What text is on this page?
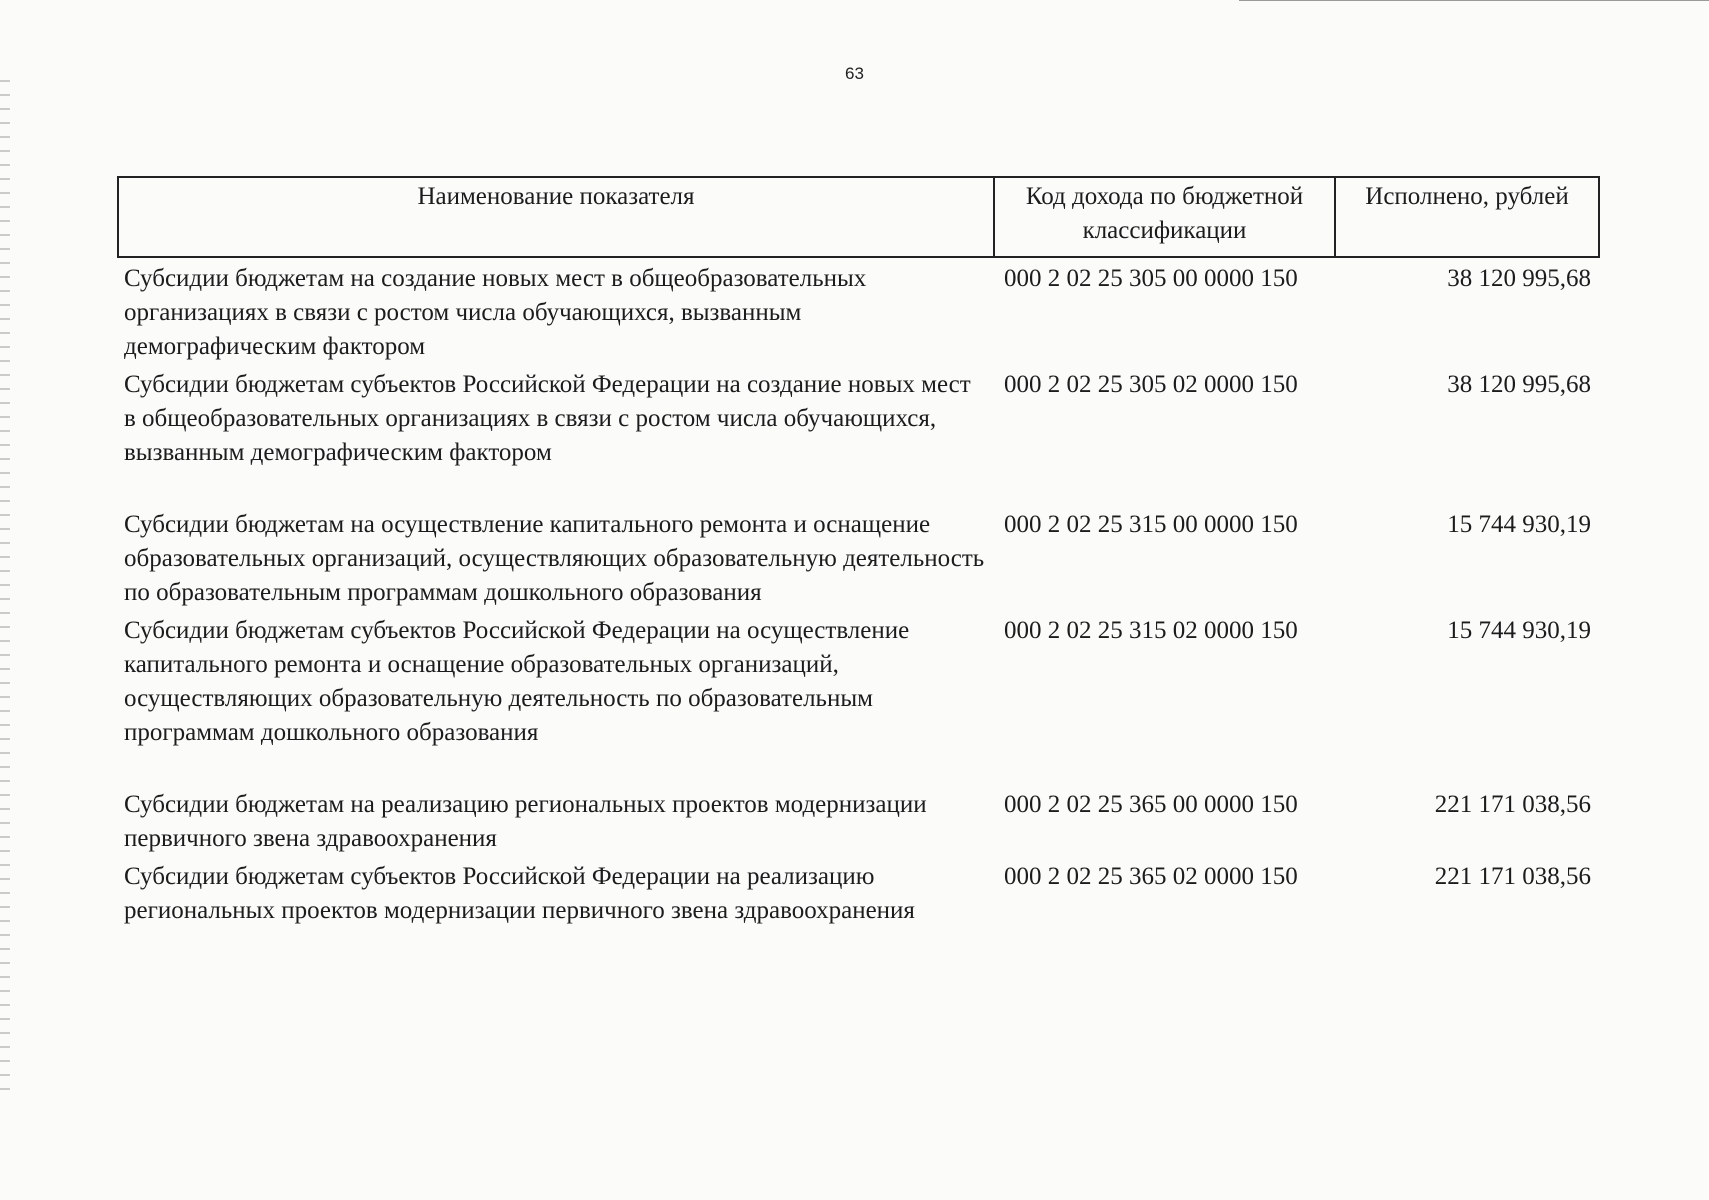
63
Наименование показателя	Код дохода по бюджетной классификации	Исполнено, рублей
Субсидии бюджетам на создание новых мест в общеобразовательных организациях в связи с ростом числа обучающихся, вызванным демографическим фактором	000 2 02 25 305 00 0000 150	38 120 995,68
Субсидии бюджетам субъектов Российской Федерации на создание новых мест в общеобразовательных организациях в связи с ростом числа обучающихся, вызванным демографическим фактором	000 2 02 25 305 02 0000 150	38 120 995,68

Субсидии бюджетам на осуществление капитального ремонта и оснащение образовательных организаций, осуществляющих образовательную деятельность по образовательным программам дошкольного образования	000 2 02 25 315 00 0000 150	15 744 930,19
Субсидии бюджетам субъектов Российской Федерации на осуществление капитального ремонта и оснащение образовательных организаций, осуществляющих образовательную деятельность по образовательным программам дошкольного образования	000 2 02 25 315 02 0000 150	15 744 930,19

Субсидии бюджетам на реализацию региональных проектов модернизации первичного звена здравоохранения	000 2 02 25 365 00 0000 150	221 171 038,56
Субсидии бюджетам субъектов Российской Федерации на реализацию региональных проектов модернизации первичного звена здравоохранения	000 2 02 25 365 02 0000 150	221 171 038,56
